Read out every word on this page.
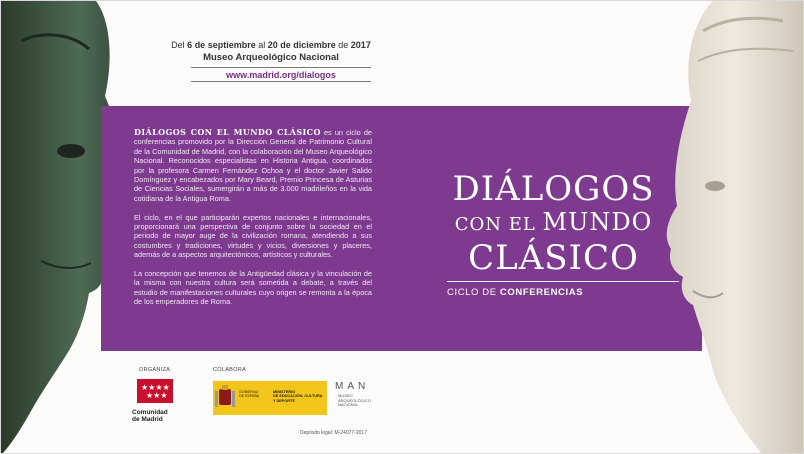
Del 6 de septiembre al 20 de diciembre de 2017

Museo Arqueológico Nacional

www.madrid.org/dialogos

DIÁLOGOS CON EL MUNDO CLÁSICO es un ciclo de conferencias promovido por la Dirección General de Patrimonio Cultural de la Comunidad de Madrid, con la colaboración del Museo Arqueológico Nacional. Reconocidos especialistas en Historia Antigua, coordinados por la profesora Carmen Fernández Ochoa y el doctor Javier Salido Domínguez y encabezados por Mary Beard, Premio Princesa de Asturias de Ciencias Sociales, sumergirán a más de 3.000 madrileños en la vida cotidiana de la Antigua Roma.

El ciclo, en el que participarán expertos nacionales e internacionales, proporcionará una perspectiva de conjunto sobre la sociedad en el periodo de mayor auge de la civilización romana, atendiendo a sus costumbres y tradiciones, virtudes y vicios, diversiones y placeres, además de a aspectos arquitectónicos, artísticos y culturales.

La concepción que tenemos de la Antigüedad clásica y la vinculación de la misma con nuestra cultura será sometida a debate, a través del estudio de manifestaciones culturales cuyo origen se remonta a la época de los emperadores de Roma.

DIÁLOGOS
CON EL MUNDO
CLÁSICO
CICLO DE CONFERENCIAS
ORGANIZA
★★★★
★★★
Comunidad
de Madrid
COLABORA
GOBIERNO
DE ESPAÑA
MINISTERIO
DE EDUCACIÓN, CULTURA
Y DEPORTE
MAN
MUSEO
ARQUEOLÓGICO
NACIONAL
Depósito legal: M-24077-2017
